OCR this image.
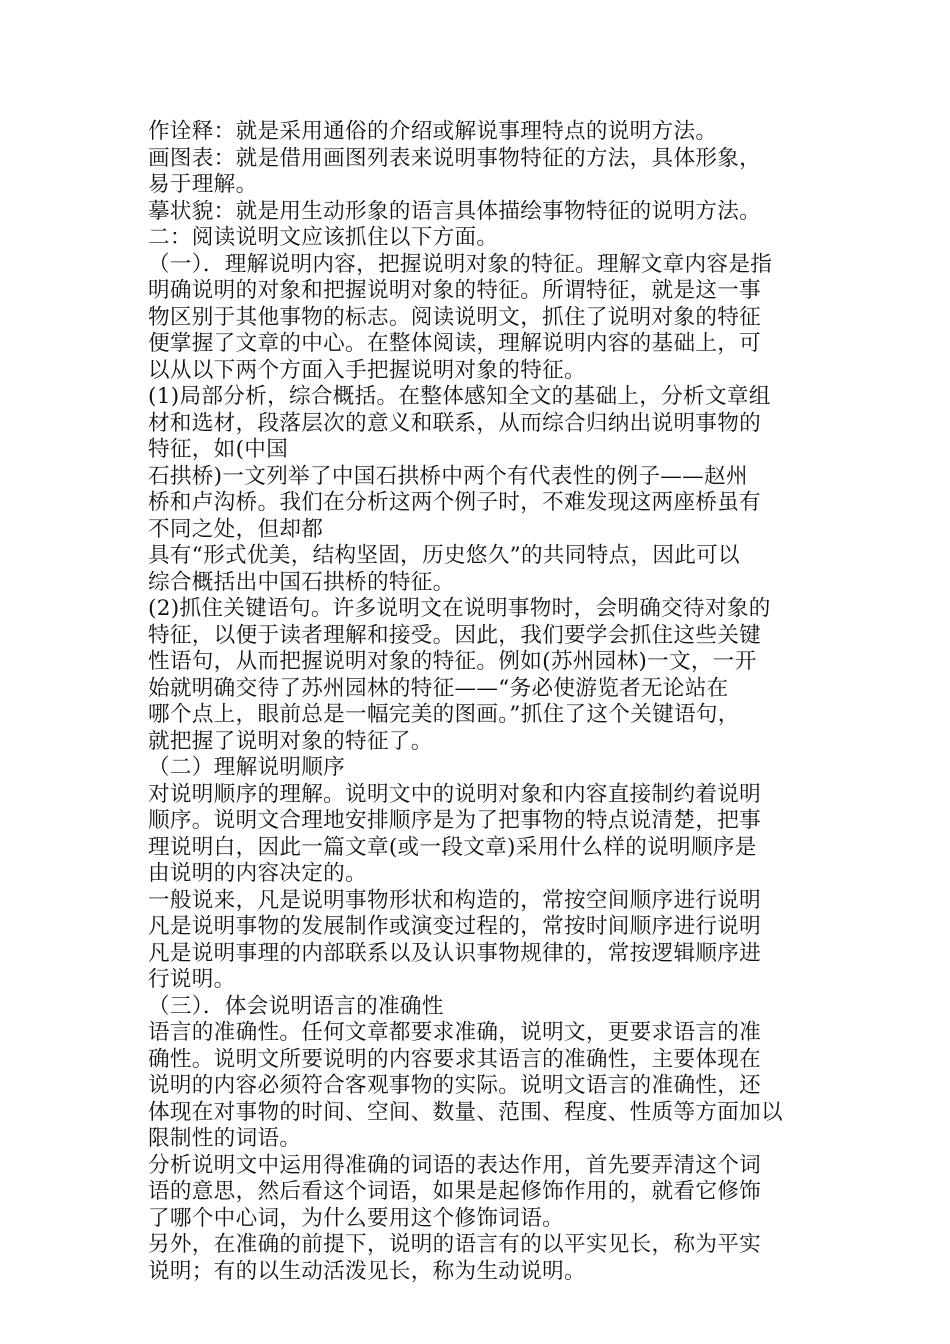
作诠释：就是采用通俗的介绍或解说事理特点的说明方法。
画图表：就是借用画图列表来说明事物特征的方法，具体形象，
易于理解。
摹状貌：就是用生动形象的语言具体描绘事物特征的说明方法。
二：阅读说明文应该抓住以下方面。
（一）．理解说明内容，把握说明对象的特征。理解文章内容是指
明确说明的对象和把握说明对象的特征。所谓特征，就是这一事
物区别于其他事物的标志。阅读说明文，抓住了说明对象的特征
便掌握了文章的中心。在整体阅读，理解说明内容的基础上，可
以从以下两个方面入手把握说明对象的特征。
(1)局部分析，综合概括。在整体感知全文的基础上，分析文章组
材和选材，段落层次的意义和联系，从而综合归纳出说明事物的
特征，如(中国
石拱桥)一文列举了中国石拱桥中两个有代表性的例子——赵州
桥和卢沟桥。我们在分析这两个例子时，不难发现这两座桥虽有
不同之处，但却都
具有“形式优美，结构坚固，历史悠久”的共同特点，因此可以
综合概括出中国石拱桥的特征。
(2)抓住关键语句。许多说明文在说明事物时，会明确交待对象的
特征，以便于读者理解和接受。因此，我们要学会抓住这些关键
性语句，从而把握说明对象的特征。例如(苏州园林)一文，一开
始就明确交待了苏州园林的特征——“务必使游览者无论站在
哪个点上，眼前总是一幅完美的图画。”抓住了这个关键语句，
就把握了说明对象的特征了。
（二）理解说明顺序
对说明顺序的理解。说明文中的说明对象和内容直接制约着说明
顺序。说明文合理地安排顺序是为了把事物的特点说清楚，把事
理说明白，因此一篇文章(或一段文章)采用什么样的说明顺序是
由说明的内容决定的。
一般说来，凡是说明事物形状和构造的，常按空间顺序进行说明
凡是说明事物的发展制作或演变过程的，常按时间顺序进行说明
凡是说明事理的内部联系以及认识事物规律的，常按逻辑顺序进
行说明。
（三）．体会说明语言的准确性
语言的准确性。任何文章都要求准确，说明文，更要求语言的准
确性。说明文所要说明的内容要求其语言的准确性，主要体现在
说明的内容必须符合客观事物的实际。说明文语言的准确性，还
体现在对事物的时间、空间、数量、范围、程度、性质等方面加以
限制性的词语。
分析说明文中运用得准确的词语的表达作用，首先要弄清这个词
语的意思，然后看这个词语，如果是起修饰作用的，就看它修饰
了哪个中心词，为什么要用这个修饰词语。
另外，在准确的前提下，说明的语言有的以平实见长，称为平实
说明；有的以生动活泼见长，称为生动说明。
